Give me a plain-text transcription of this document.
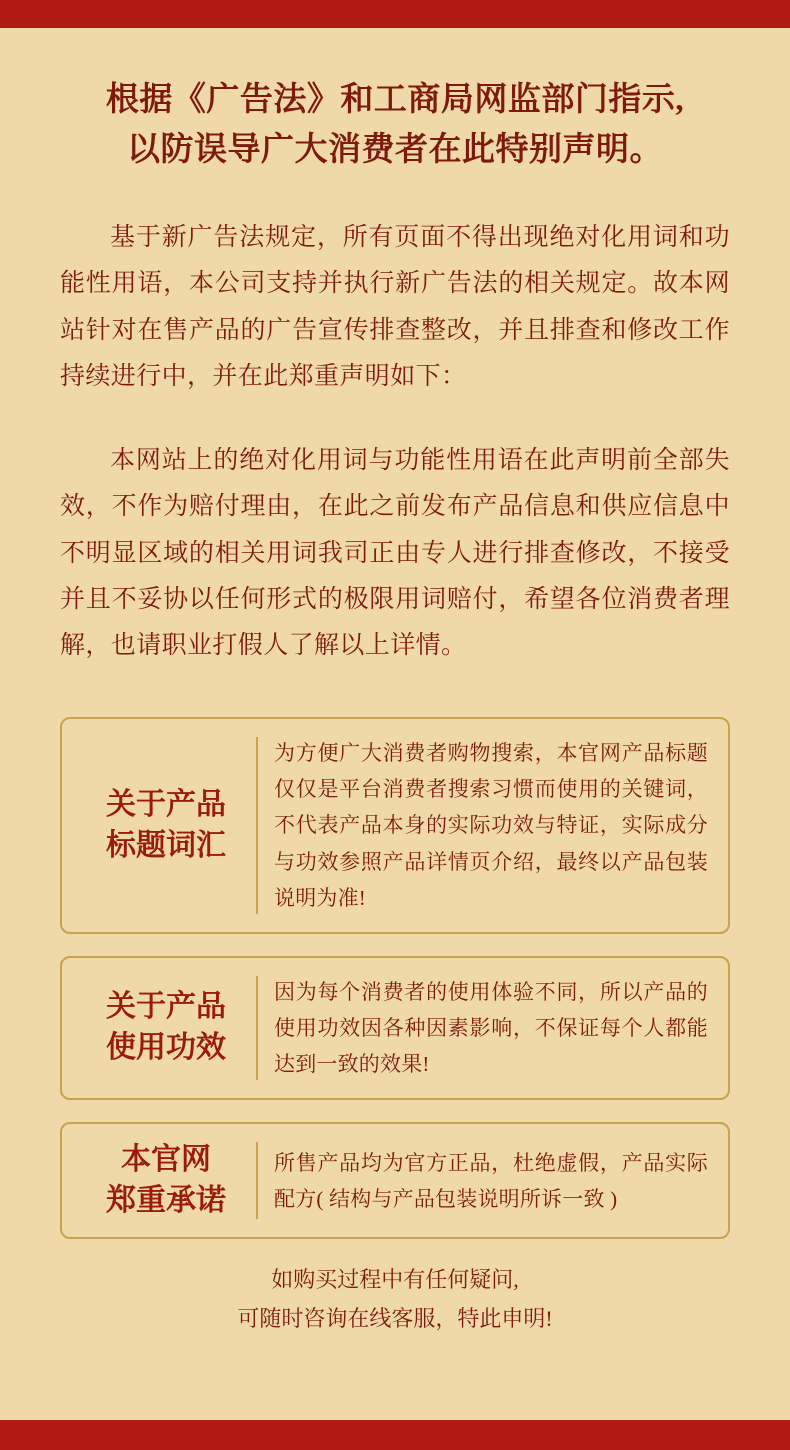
根据《广告法》和工商局网监部门指示,
以防误导广大消费者在此特别声明。

基于新广告法规定，所有页面不得出现绝对化用词和功能性用语，本公司支持并执行新广告法的相关规定。故本网站针对在售产品的广告宣传排查整改，并且排查和修改工作持续进行中，并在此郑重声明如下：

本网站上的绝对化用词与功能性用语在此声明前全部失效，不作为赔付理由，在此之前发布产品信息和供应信息中不明显区域的相关用词我司正由专人进行排查修改，不接受并且不妥协以任何形式的极限用词赔付，希望各位消费者理解，也请职业打假人了解以上详情。

关于产品
标题词汇
为方便广大消费者购物搜索，本官网产品标题仅仅是平台消费者搜索习惯而使用的关键词，不代表产品本身的实际功效与特证，实际成分与功效参照产品详情页介绍，最终以产品包装说明为准!
关于产品
使用功效
因为每个消费者的使用体验不同，所以产品的使用功效因各种因素影响，不保证每个人都能达到一致的效果!
本官网
郑重承诺
所售产品均为官方正品，杜绝虚假，产品实际配方( 结构与产品包装说明所诉一致 )
如购买过程中有任何疑问,
可随时咨询在线客服，特此申明!
